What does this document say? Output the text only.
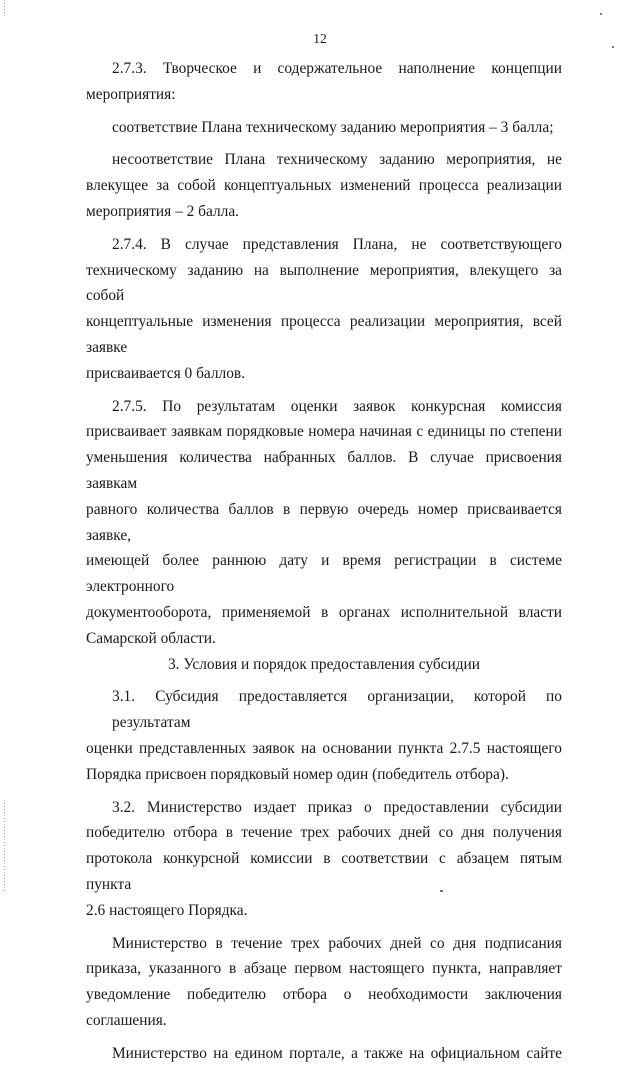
12

2.7.3. Творческое и содержательное наполнение концепции
мероприятия:

соответствие Плана техническому заданию мероприятия – 3 балла;

несоответствие Плана техническому заданию мероприятия, не
влекущее за собой концептуальных изменений процесса реализации
мероприятия – 2 балла.

2.7.4. В случае представления Плана, не соответствующего
техническому заданию на выполнение мероприятия, влекущего за собой
концептуальные изменения процесса реализации мероприятия, всей заявке
присваивается 0 баллов.

2.7.5. По результатам оценки заявок конкурсная комиссия
присваивает заявкам порядковые номера начиная с единицы по степени
уменьшения количества набранных баллов. В случае присвоения заявкам
равного количества баллов в первую очередь номер присваивается заявке,
имеющей более раннюю дату и время регистрации в системе электронного
документооборота, применяемой в органах исполнительной власти
Самарской области.

3. Условия и порядок предоставления субсидии

3.1. Субсидия предоставляется организации, которой по результатам
оценки представленных заявок на основании пункта 2.7.5 настоящего
Порядка присвоен порядковый номер один (победитель отбора).

3.2. Министерство издает приказ о предоставлении субсидии
победителю отбора в течение трех рабочих дней со дня получения
протокола конкурсной комиссии в соответствии с абзацем пятым пункта
2.6 настоящего Порядка.

Министерство в течение трех рабочих дней со дня подписания
приказа, указанного в абзаце первом настоящего пункта, направляет
уведомление победителю отбора о необходимости заключения
соглашения.

Министерство на едином портале, а также на официальном сайте
